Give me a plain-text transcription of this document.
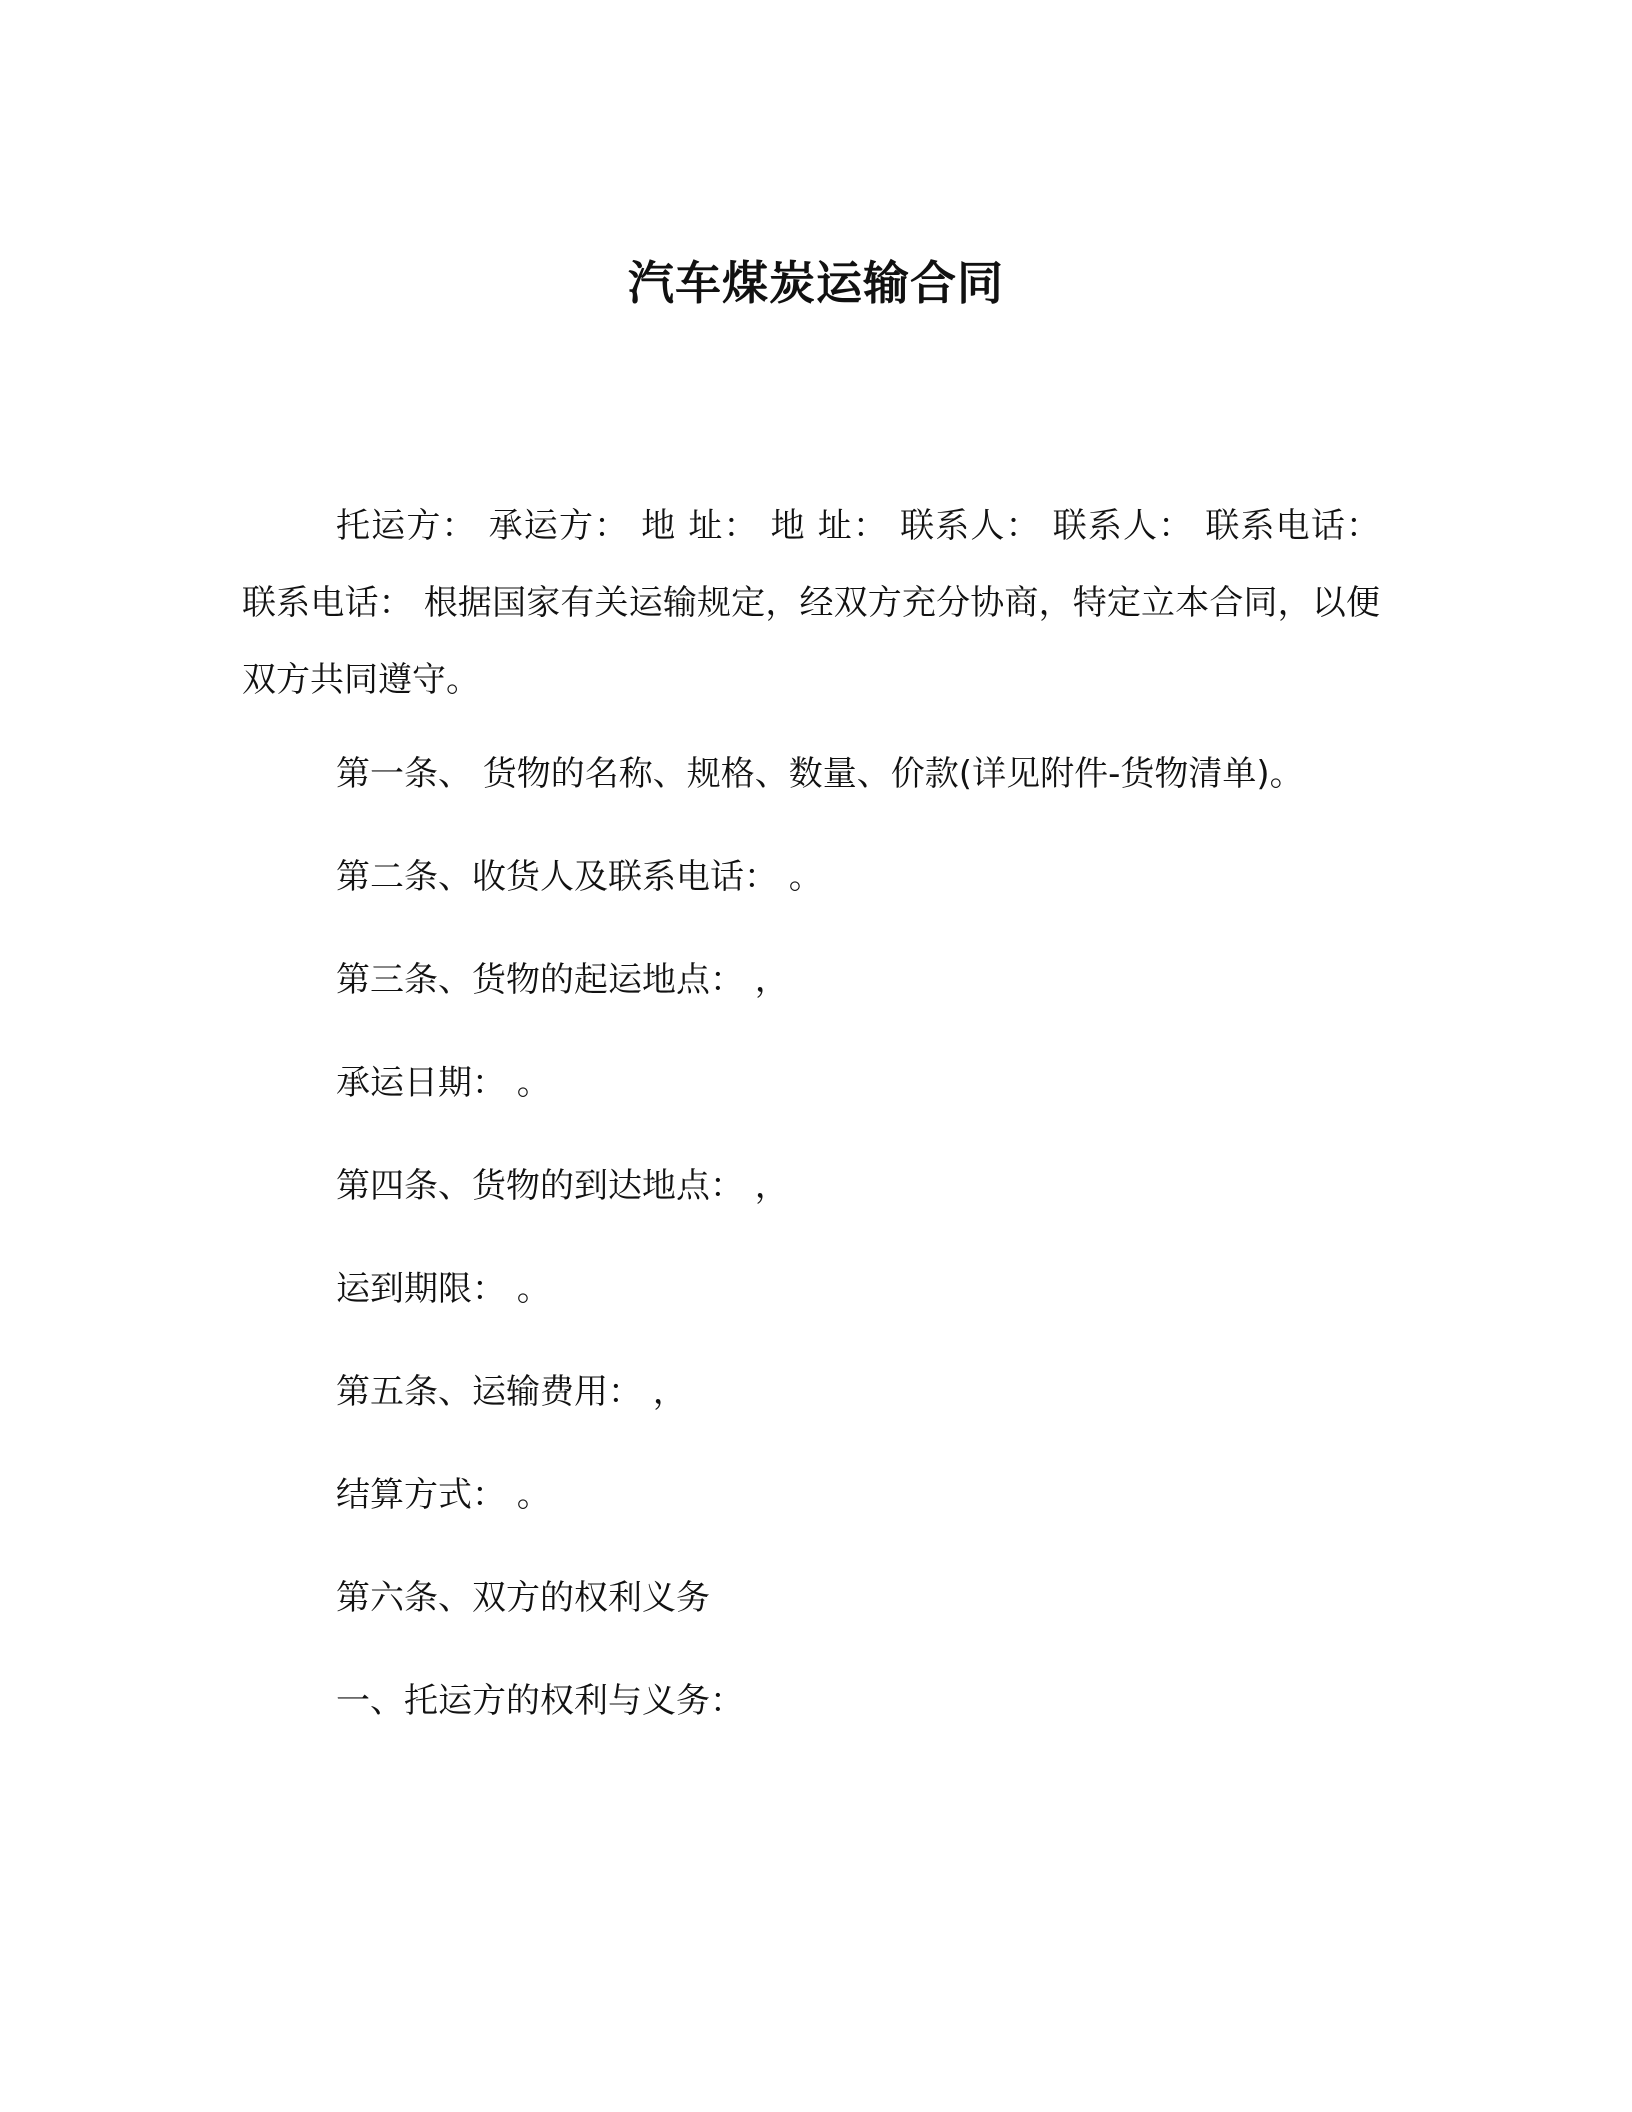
汽车煤炭运输合同

托运方： 承运方： 地 址： 地 址： 联系人： 联系人： 联系电话： 联系电话： 根据国家有关运输规定，经双方充分协商，特定立本合同，以便双方共同遵守。

第一条、 货物的名称、规格、数量、价款(详见附件-货物清单)。

第二条、收货人及联系电话： 。

第三条、货物的起运地点： ，

承运日期： 。

第四条、货物的到达地点： ，

运到期限： 。

第五条、运输费用： ，

结算方式： 。

第六条、双方的权利义务

一、托运方的权利与义务：
